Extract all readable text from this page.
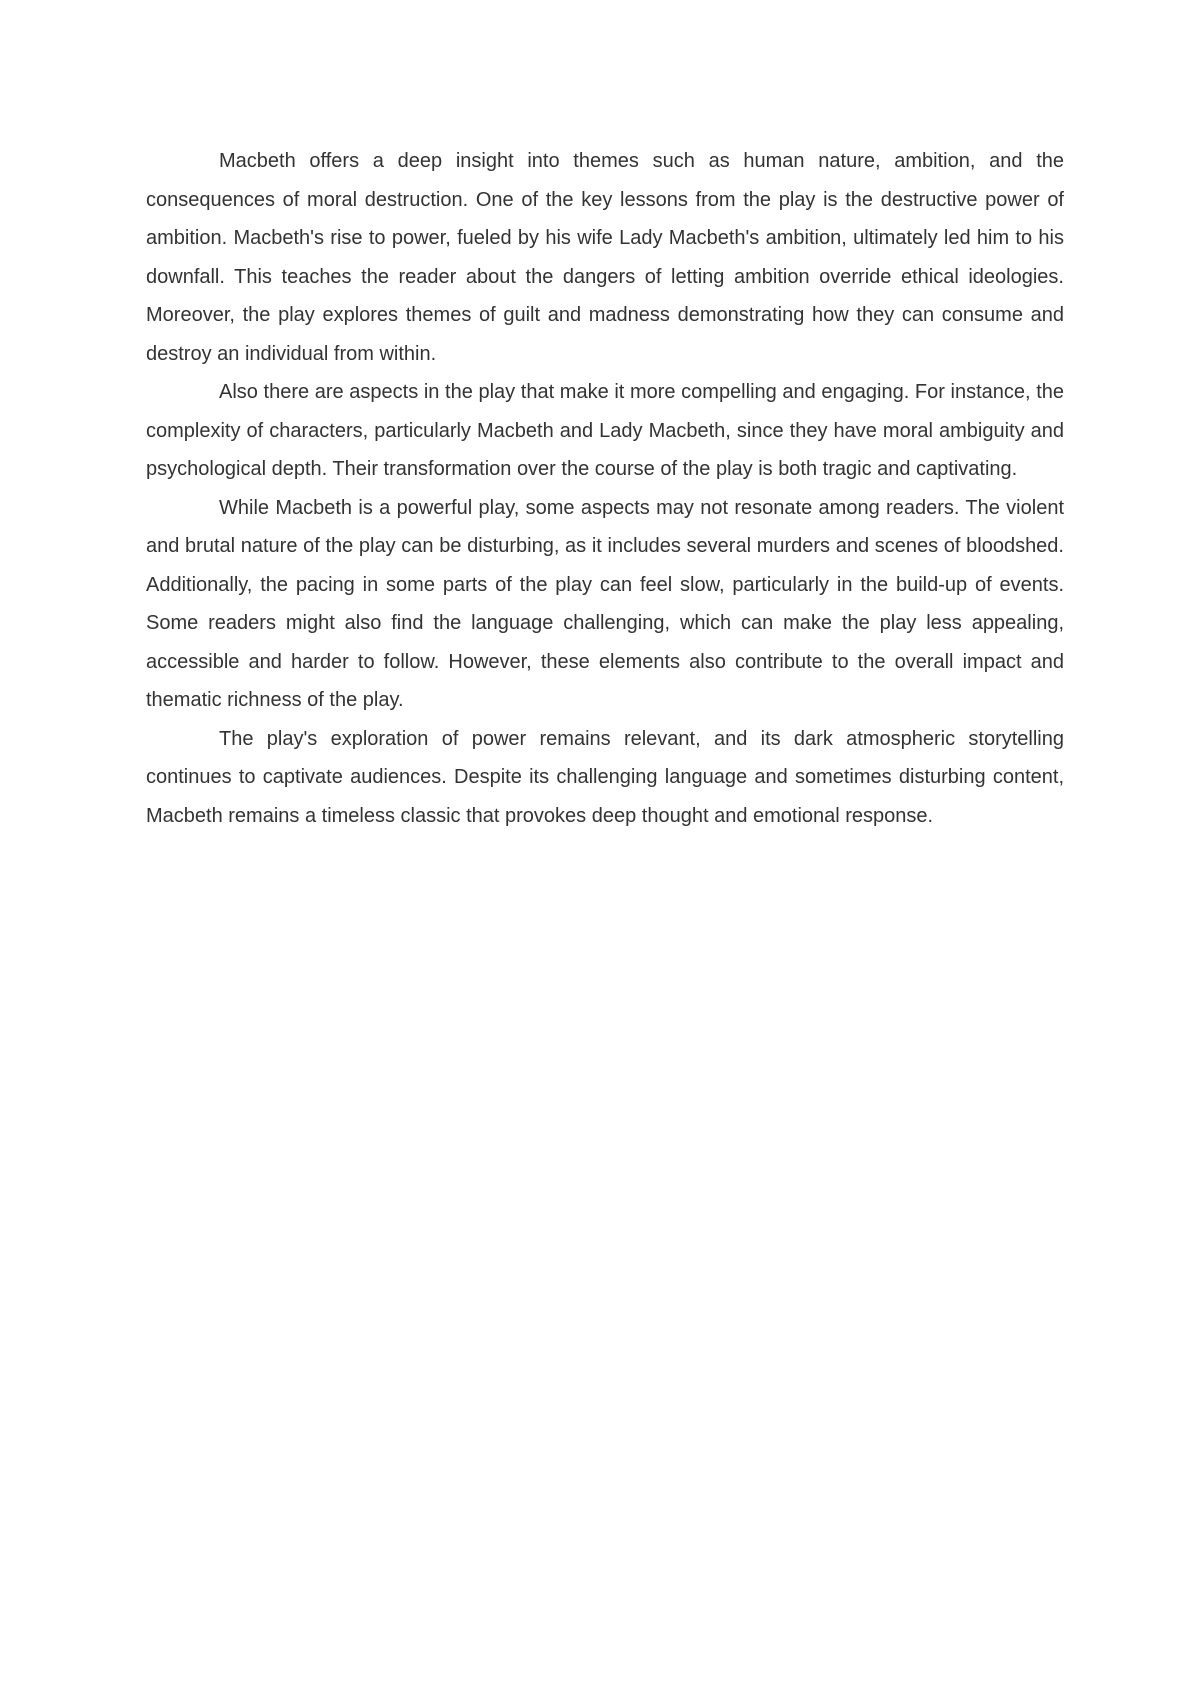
Macbeth offers a deep insight into themes such as human nature, ambition, and the consequences of moral destruction. One of the key lessons from the play is the destructive power of ambition. Macbeth's rise to power, fueled by his wife Lady Macbeth's ambition, ultimately led him to his downfall. This teaches the reader about the dangers of letting ambition override ethical ideologies. Moreover, the play explores themes of guilt and madness demonstrating how they can consume and destroy an individual from within.

Also there are aspects in the play that make it more compelling and engaging. For instance, the complexity of characters, particularly Macbeth and Lady Macbeth, since they have moral ambiguity and psychological depth. Their transformation over the course of the play is both tragic and captivating.

While Macbeth is a powerful play, some aspects may not resonate among readers. The violent and brutal nature of the play can be disturbing, as it includes several murders and scenes of bloodshed. Additionally, the pacing in some parts of the play can feel slow, particularly in the build-up of events. Some readers might also find the language challenging, which can make the play less appealing, accessible and harder to follow. However, these elements also contribute to the overall impact and thematic richness of the play.

The play's exploration of power remains relevant, and its dark atmospheric storytelling continues to captivate audiences. Despite its challenging language and sometimes disturbing content, Macbeth remains a timeless classic that provokes deep thought and emotional response.
